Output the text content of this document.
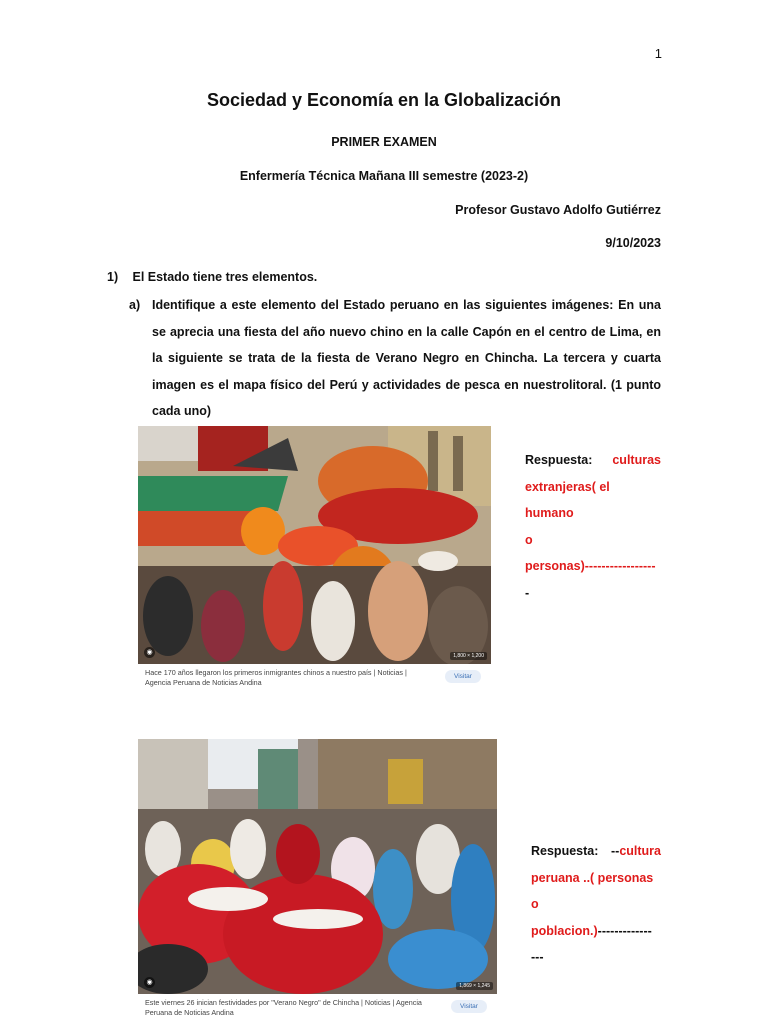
1
Sociedad y Economía en la Globalización
PRIMER EXAMEN
Enfermería Técnica Mañana III semestre (2023-2)
Profesor Gustavo Adolfo Gutiérrez
9/10/2023
1) El Estado tiene tres elementos.
a) Identifique a este elemento del Estado peruano en las siguientes imágenes: En una se aprecia una fiesta del año nuevo chino en la calle Capón en el centro de Lima, en la siguiente se trata de la fiesta de Verano Negro en Chincha. La tercera y cuarta imagen es el mapa físico del Perú y actividades de pesca en nuestrolitoral. (1 punto cada uno)
◉	1,800 × 1,200
Hace 170 años llegaron los primeros inmigrantes chinos a nuestro país | Noticias | Agencia Peruana de Noticias Andina
Visitar
Respuesta: culturas
extranjeras( el humano
o
personas)-----------------
-
◉	1,869 × 1,245
Este viernes 26 inician festividades por "Verano Negro" de Chincha | Noticias | Agencia Peruana de Noticias Andina
Visitar
Respuesta: --cultura
peruana ..( personas o
poblacion.)-------------
---
